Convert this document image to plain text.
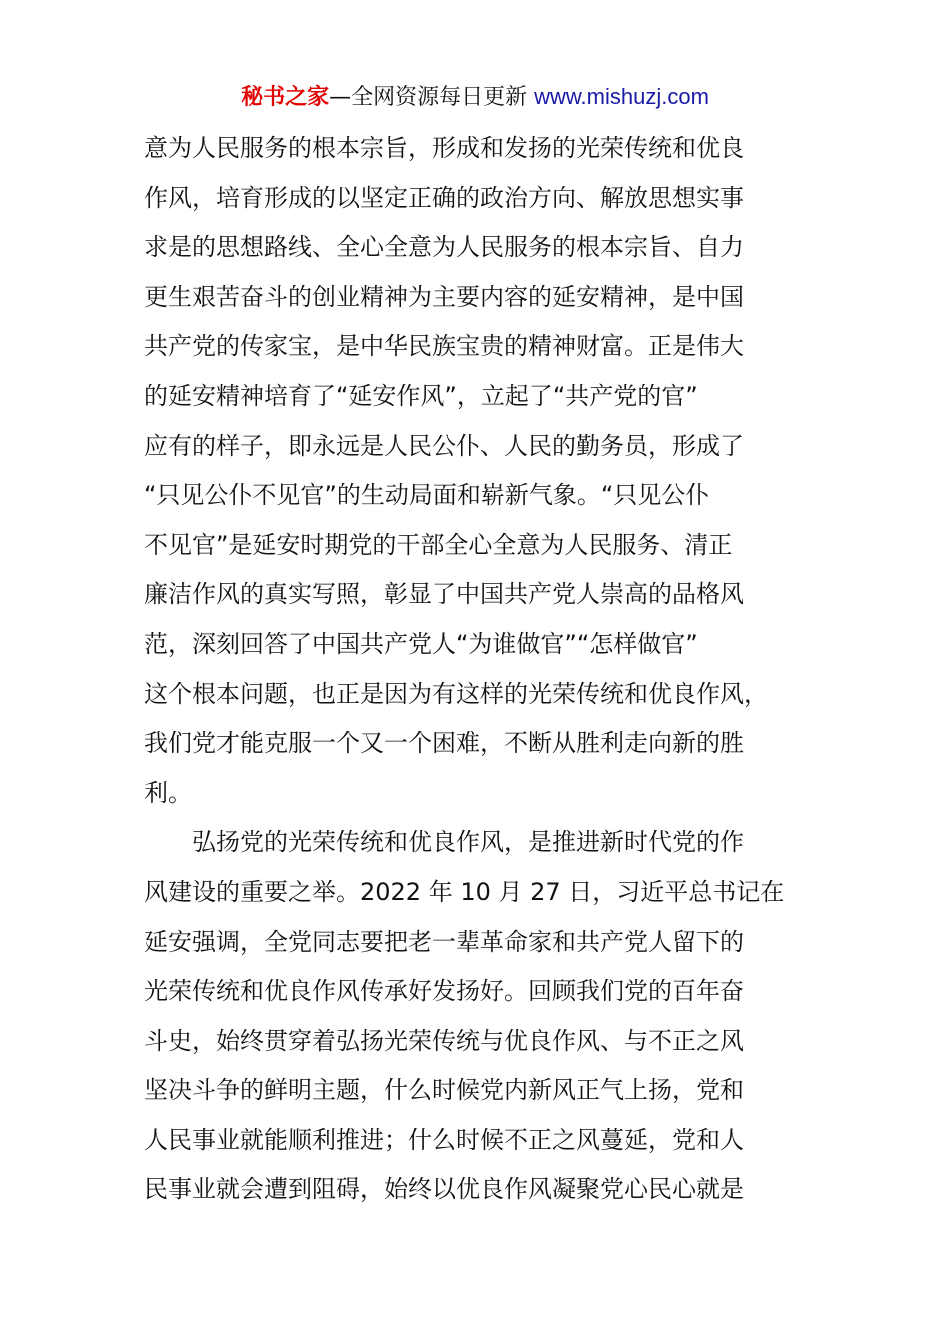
秘书之家—全网资源每日更新 www.mishuzj.com
意为人民服务的根本宗旨，形成和发扬的光荣传统和优良
作风，培育形成的以坚定正确的政治方向、解放思想实事
求是的思想路线、全心全意为人民服务的根本宗旨、自力
更生艰苦奋斗的创业精神为主要内容的延安精神，是中国
共产党的传家宝，是中华民族宝贵的精神财富。正是伟大
的延安精神培育了“延安作风”，立起了“共产党的官”
应有的样子，即永远是人民公仆、人民的勤务员，形成了
“只见公仆不见官”的生动局面和崭新气象。“只见公仆
不见官”是延安时期党的干部全心全意为人民服务、清正
廉洁作风的真实写照，彰显了中国共产党人崇高的品格风
范，深刻回答了中国共产党人“为谁做官”“怎样做官”
这个根本问题，也正是因为有这样的光荣传统和优良作风，
我们党才能克服一个又一个困难，不断从胜利走向新的胜
利。
　　弘扬党的光荣传统和优良作风，是推进新时代党的作
风建设的重要之举。2022 年 10 月 27 日，习近平总书记在
延安强调，全党同志要把老一辈革命家和共产党人留下的
光荣传统和优良作风传承好发扬好。回顾我们党的百年奋
斗史，始终贯穿着弘扬光荣传统与优良作风、与不正之风
坚决斗争的鲜明主题，什么时候党内新风正气上扬，党和
人民事业就能顺利推进；什么时候不正之风蔓延，党和人
民事业就会遭到阻碍，始终以优良作风凝聚党心民心就是
